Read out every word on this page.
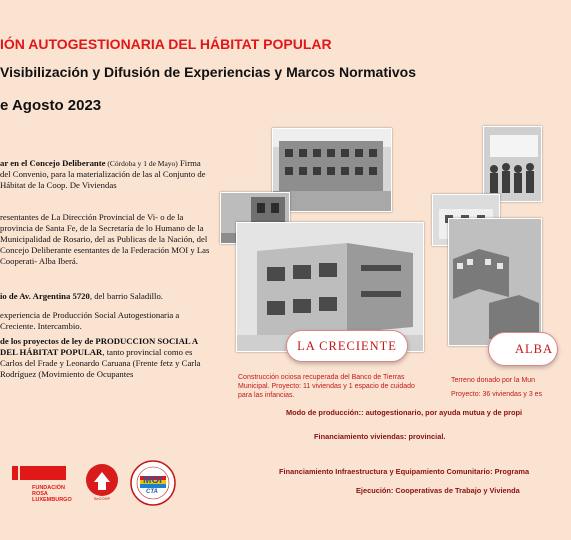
IÓN AUTOGESTIONARIA DEL HÁBITAT POPULAR
Visibilización y Difusión de Experiencias y Marcos Normativos
e Agosto 2023
ar en el Concejo Deliberante (Córdoba y 1 de Mayo) Firma del Convenio, para la materialización de las al Conjunto de Hábitat de la Coop. De Viviendas
resentantes de La Dirección Provincial de Vi- o de la provincia de Santa Fe, de la Secretaría de lo Humano de la Municipalidad de Rosario, del as Publicas de la Nación, del Concejo Deliberante esentantes de la Federación MOI y Las Cooperati- Alba Iberá.
io de Av. Argentina 5720, del barrio Saladillo.
experiencia de Producción Social Autogestionaria a Creciente. Intercambio.
de los proyectos de ley de PRODUCCION SOCIAL A DEL HÁBITAT POPULAR, tanto provincial como es Carlos del Frade y Leonardo Caruana (Frente fetz y Carla Rodríguez (Movimiento de Ocupantes
LA CRECIENTE
Construcción ociosa recuperada del Banco de Tierras Municipal. Proyecto: 11 viviendas y 1 espacio de cuidado para las infancias.
ALBA
Terreno donado por la Mun
Proyecto: 36 viviendas y 3 es
Modo de producción:: autogestionario, por ayuda mutua y de propi
Financiamiento viviendas: provincial.
Financiamiento Infraestructura y Equipamiento Comunitario: Programa
Ejecución: Cooperativas de Trabajo y Vivienda
FUNDACIÓN ROSA LUXEMBURGO	SeCOHP
MOI
CTA
